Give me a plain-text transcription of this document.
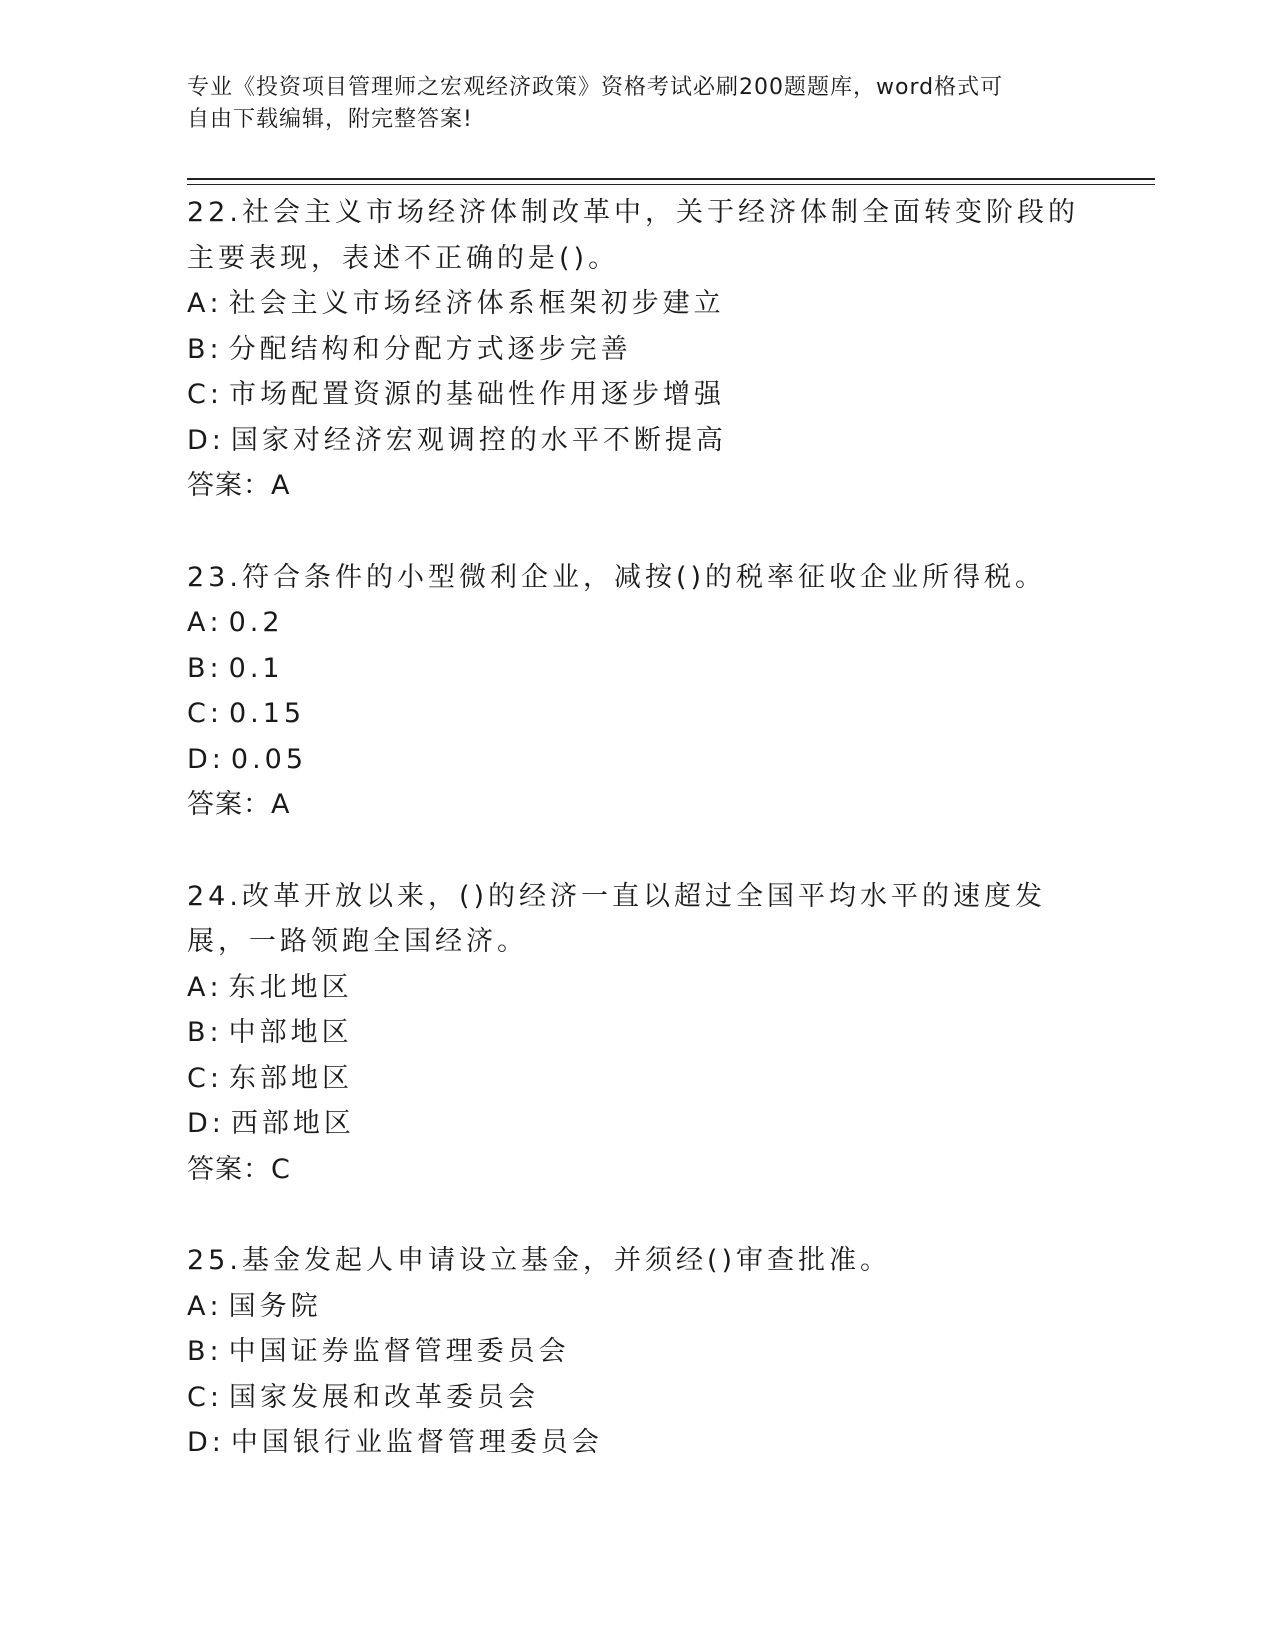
专业《投资项目管理师之宏观经济政策》资格考试必刷200题题库，word格式可
自由下载编辑，附完整答案!
22.社会主义市场经济体制改革中，关于经济体制全面转变阶段的主要表现，表述不正确的是()。
A: 社会主义市场经济体系框架初步建立
B: 分配结构和分配方式逐步完善
C: 市场配置资源的基础性作用逐步增强
D: 国家对经济宏观调控的水平不断提高
答案：A
23.符合条件的小型微利企业，减按()的税率征收企业所得税。
A: 0.2
B: 0.1
C: 0.15
D: 0.05
答案：A
24.改革开放以来，()的经济一直以超过全国平均水平的速度发展，一路领跑全国经济。
A: 东北地区
B: 中部地区
C: 东部地区
D: 西部地区
答案：C
25.基金发起人申请设立基金，并须经()审查批准。
A: 国务院
B: 中国证券监督管理委员会
C: 国家发展和改革委员会
D: 中国银行业监督管理委员会
